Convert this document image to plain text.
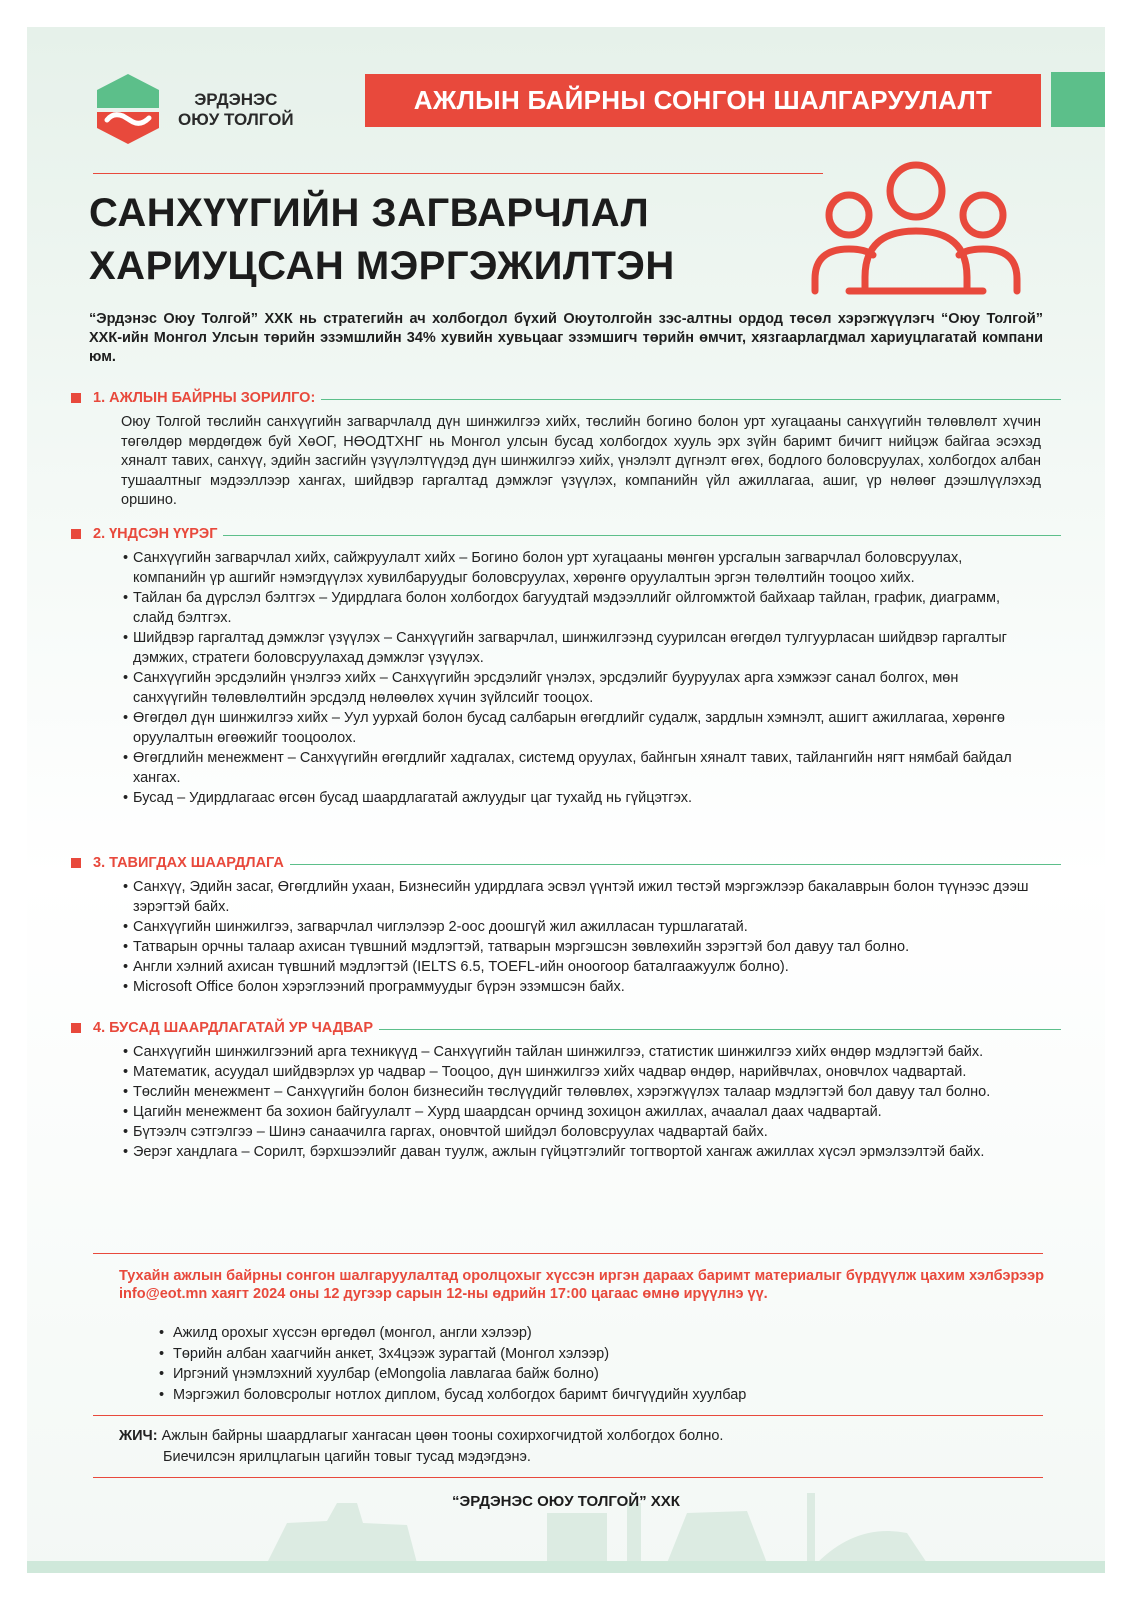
ЭРДЭНЭС
ОЮУ ТОЛГОЙ
АЖЛЫН БАЙРНЫ СОНГОН ШАЛГАРУУЛАЛТ
САНХҮҮГИЙН ЗАГВАРЧЛАЛ
ХАРИУЦСАН МЭРГЭЖИЛТЭН
“Эрдэнэс Оюу Толгой” ХХК нь стратегийн ач холбогдол бүхий Оюутолгойн зэс-алтны ордод төсөл хэрэгжүүлэгч “Оюу Толгой” ХХК-ийн Монгол Улсын төрийн эзэмшлийн 34% хувийн хувьцааг эзэмшигч төрийн өмчит, хязгаарлагдмал хариуцлагатай компани юм.
1. АЖЛЫН БАЙРНЫ ЗОРИЛГО:
Оюу Толгой төслийн санхүүгийн загварчлалд дүн шинжилгээ хийх, төслийн богино болон урт хугацааны санхүүгийн төлөвлөлт хүчин төгөлдөр мөрдөгдөж буй ХөОГ, НӨОДТХНГ нь Монгол улсын бусад холбогдох хууль эрх зүйн баримт бичигт нийцэж байгаа эсэхэд хяналт тавих, санхүү, эдийн засгийн үзүүлэлтүүдэд дүн шинжилгээ хийх, үнэлэлт дүгнэлт өгөх, бодлого боловсруулах, холбогдох албан тушаалтныг мэдээллээр хангах, шийдвэр гаргалтад дэмжлэг үзүүлэх, компанийн үйл ажиллагаа, ашиг, үр нөлөөг дээшлүүлэхэд оршино.
2. ҮНДСЭН ҮҮРЭГ
• Санхүүгийн загварчлал хийх, сайжруулалт хийх – Богино болон урт хугацааны мөнгөн урсгалын загварчлал боловсруулах, компанийн үр ашгийг нэмэгдүүлэх хувилбаруудыг боловсруулах, хөрөнгө оруулалтын эргэн төлөлтийн тооцоо хийх.
• Тайлан ба дүрслэл бэлтгэх – Удирдлага болон холбогдох багуудтай мэдээллийг ойлгомжтой байхаар тайлан, график, диаграмм, слайд бэлтгэх.
• Шийдвэр гаргалтад дэмжлэг үзүүлэх – Санхүүгийн загварчлал, шинжилгээнд суурилсан өгөгдөл тулгуурласан шийдвэр гаргалтыг дэмжих, стратеги боловсруулахад дэмжлэг үзүүлэх.
• Санхүүгийн эрсдэлийн үнэлгээ хийх – Санхүүгийн эрсдэлийг үнэлэх, эрсдэлийг бууруулах арга хэмжээг санал болгох, мөн санхүүгийн төлөвлөлтийн эрсдэлд нөлөөлөх хүчин зүйлсийг тооцох.
• Өгөгдөл дүн шинжилгээ хийх – Уул уурхай болон бусад салбарын өгөгдлийг судалж, зардлын хэмнэлт, ашигт ажиллагаа, хөрөнгө оруулалтын өгөөжийг тооцоолох.
• Өгөгдлийн менежмент – Санхүүгийн өгөгдлийг хадгалах, системд оруулах, байнгын хяналт тавих, тайлангийн нягт нямбай байдал хангах.
• Бусад – Удирдлагаас өгсөн бусад шаардлагатай ажлуудыг цаг тухайд нь гүйцэтгэх.
3. ТАВИГДАХ ШААРДЛАГА
• Санхүү, Эдийн засаг, Өгөгдлийн ухаан, Бизнесийн удирдлага эсвэл үүнтэй ижил төстэй мэргэжлээр бакалаврын болон түүнээс дээш зэрэгтэй байх.
• Санхүүгийн шинжилгээ, загварчлал чиглэлээр 2-оос доошгүй жил ажилласан туршлагатай.
• Татварын орчны талаар ахисан түвшний мэдлэгтэй, татварын мэргэшсэн зөвлөхийн зэрэгтэй бол давуу тал болно.
• Англи хэлний ахисан түвшний мэдлэгтэй (IELTS 6.5, TOEFL-ийн оноогоор баталгаажуулж болно).
• Microsoft Office болон хэрэглээний программуудыг бүрэн эзэмшсэн байх.
4. БУСАД ШААРДЛАГАТАЙ УР ЧАДВАР
• Санхүүгийн шинжилгээний арга техникүүд – Санхүүгийн тайлан шинжилгээ, статистик шинжилгээ хийх өндөр мэдлэгтэй байх.
• Математик, асуудал шийдвэрлэх ур чадвар – Тооцоо, дүн шинжилгээ хийх чадвар өндөр, нарийвчлах, оновчлох чадвартай.
• Төслийн менежмент – Санхүүгийн болон бизнесийн төслүүдийг төлөвлөх, хэрэгжүүлэх талаар мэдлэгтэй бол давуу тал болно.
• Цагийн менежмент ба зохион байгуулалт – Хурд шаардсан орчинд зохицон ажиллах, ачаалал даах чадвартай.
• Бүтээлч сэтгэлгээ – Шинэ санаачилга гаргах, оновчтой шийдэл боловсруулах чадвартай байх.
• Эерэг хандлага – Сорилт, бэрхшээлийг даван туулж, ажлын гүйцэтгэлийг тогтвортой хангаж ажиллах хүсэл эрмэлзэлтэй байх.
Тухайн ажлын байрны сонгон шалгаруулалтад оролцохыг хүссэн иргэн дараах баримт материалыг бүрдүүлж цахим хэлбэрээр info@eot.mn хаягт 2024 оны 12 дугээр сарын 12-ны өдрийн 17:00 цагаас өмнө ирүүлнэ үү.
• Ажилд орохыг хүссэн өргөдөл (монгол, англи хэлээр)
• Төрийн албан хаагчийн анкет, 3х4цээж зурагтай (Монгол хэлээр)
• Иргэний үнэмлэхний хуулбар (eMongolia лавлагаа байж болно)
• Мэргэжил боловсролыг нотлох диплом, бусад холбогдох баримт бичгүүдийн хуулбар
ЖИЧ: Ажлын байрны шаардлагыг хангасан цөөн тооны сохирхогчидтой холбогдох болно.
Биечилсэн ярилцлагын цагийн товыг тусад мэдэгдэнэ.
“ЭРДЭНЭС ОЮУ ТОЛГОЙ” ХХК
